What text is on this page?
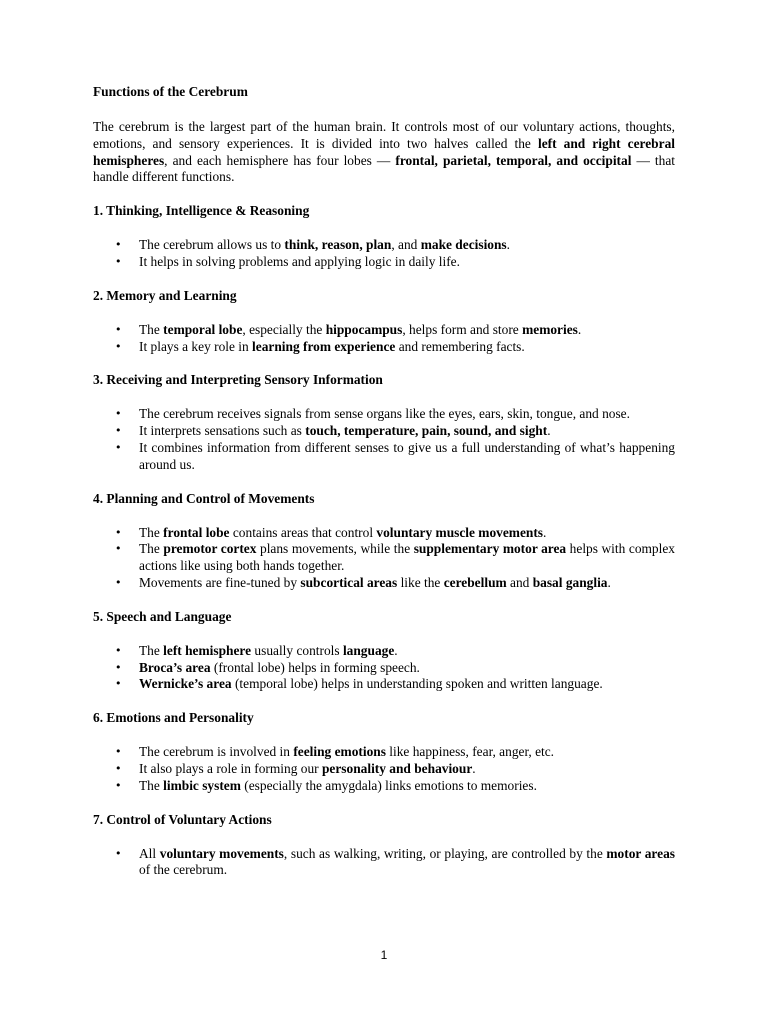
Functions of the Cerebrum

The cerebrum is the largest part of the human brain. It controls most of our voluntary actions, thoughts, emotions, and sensory experiences. It is divided into two halves called the left and right cerebral hemispheres, and each hemisphere has four lobes — frontal, parietal, temporal, and occipital — that handle different functions.

1. Thinking, Intelligence & Reasoning

• The cerebrum allows us to think, reason, plan, and make decisions.
• It helps in solving problems and applying logic in daily life.

2. Memory and Learning

• The temporal lobe, especially the hippocampus, helps form and store memories.
• It plays a key role in learning from experience and remembering facts.

3. Receiving and Interpreting Sensory Information

• The cerebrum receives signals from sense organs like the eyes, ears, skin, tongue, and nose.
• It interprets sensations such as touch, temperature, pain, sound, and sight.
• It combines information from different senses to give us a full understanding of what’s happening around us.

4. Planning and Control of Movements

• The frontal lobe contains areas that control voluntary muscle movements.
• The premotor cortex plans movements, while the supplementary motor area helps with complex actions like using both hands together.
• Movements are fine-tuned by subcortical areas like the cerebellum and basal ganglia.

5. Speech and Language

• The left hemisphere usually controls language.
• Broca’s area (frontal lobe) helps in forming speech.
• Wernicke’s area (temporal lobe) helps in understanding spoken and written language.

6. Emotions and Personality

• The cerebrum is involved in feeling emotions like happiness, fear, anger, etc.
• It also plays a role in forming our personality and behaviour.
• The limbic system (especially the amygdala) links emotions to memories.

7. Control of Voluntary Actions

• All voluntary movements, such as walking, writing, or playing, are controlled by the motor areas of the cerebrum.
1
